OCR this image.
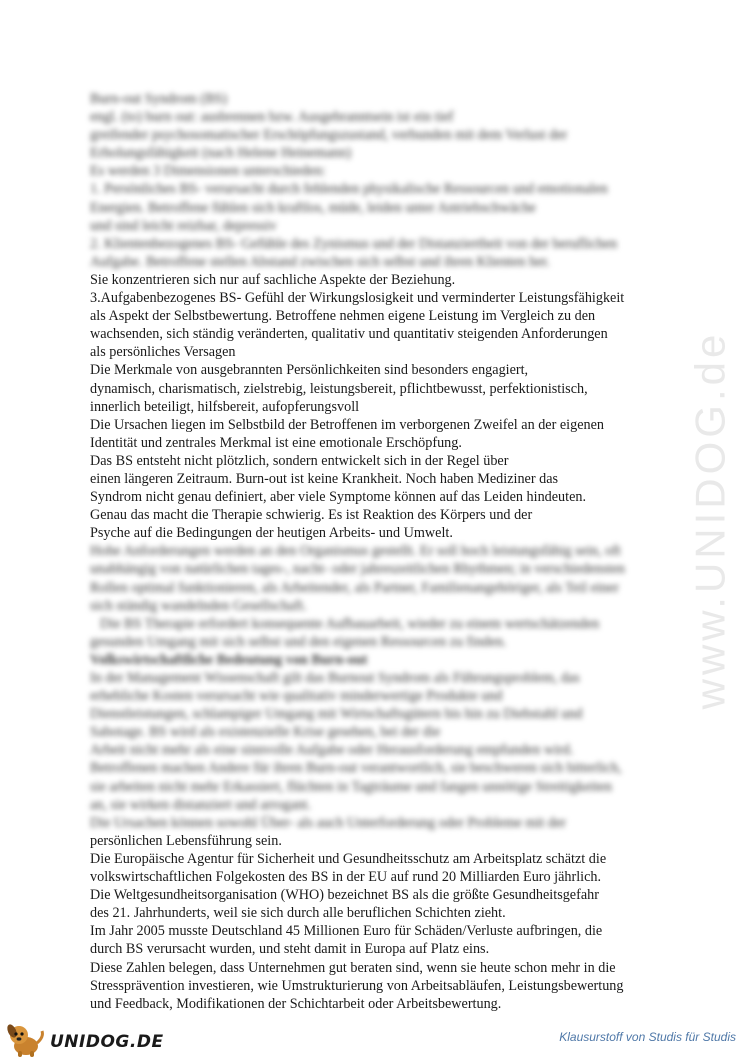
www.UNIDOG.de
Burn-out Syndrom (BS)
engl. (to) burn out: ausbrennen bzw. Ausgebranntsein ist ein tief
greifender psychosomatischer Erschöpfungszustand, verbunden mit dem Verlust der
Erholungsfähigkeit (nach Helene Heinemann)
Es werden 3 Dimensionen unterschieden:
1. Persönliches BS- verursacht durch fehlenden physikalische Ressourcen und emotionalen
Energien. Betroffene fühlen sich kraftlos, müde, leiden unter Antriebschwäche
und sind leicht reizbar, depressiv
2. Klientenbezogenes BS- Gefühle des Zynismus und der Distanziertheit von der beruflichen
Aufgabe. Betroffene stellen Abstand zwischen sich selbst und ihren Klienten her.
Sie konzentrieren sich nur auf sachliche Aspekte der Beziehung.
3.Aufgabenbezogenes BS- Gefühl der Wirkungslosigkeit und verminderter Leistungsfähigkeit
als Aspekt der Selbstbewertung. Betroffene nehmen eigene Leistung im Vergleich zu den
wachsenden, sich ständig veränderten, qualitativ und quantitativ steigenden Anforderungen
als persönliches Versagen
Die Merkmale von ausgebrannten Persönlichkeiten sind besonders engagiert,
dynamisch, charismatisch, zielstrebig, leistungsbereit, pflichtbewusst, perfektionistisch,
innerlich beteiligt, hilfsbereit, aufopferungsvoll
Die Ursachen liegen im Selbstbild der Betroffenen im verborgenen Zweifel an der eigenen
Identität und zentrales Merkmal ist eine emotionale Erschöpfung.
Das BS entsteht nicht plötzlich, sondern entwickelt sich in der Regel über
einen längeren Zeitraum. Burn-out ist keine Krankheit. Noch haben Mediziner das
Syndrom nicht genau definiert, aber viele Symptome können auf das Leiden hindeuten.
Genau das macht die Therapie schwierig. Es ist Reaktion des Körpers und der
Psyche auf die Bedingungen der heutigen Arbeits- und Umwelt.
Hohe Anforderungen werden an den Organismus gestellt. Er soll hoch leistungsfähig sein, oft
unabhängig von natürlichen tages-, nacht- oder jahreszeitlichen Rhythmen; in verschiedensten
Rollen optimal funktionieren, als Arbeitender, als Partner, Familienangehöriger, als Teil einer
sich ständig wandelnden Gesellschaft.
Die BS Therapie erfordert konsequente Aufbauarbeit, wieder zu einem wertschätzenden
gesunden Umgang mit sich selbst und den eigenen Ressourcen zu finden.
Volkswirtschaftliche Bedeutung von Burn-out
In der Management Wissenschaft gilt das Burnout Syndrom als Führungsproblem, das
erhebliche Kosten verursacht wie qualitativ minderwertige Produkte und
Dienstleistungen, schlampiger Umgang mit Wirtschaftsgütern bis hin zu Diebstahl und
Sabotage. BS wird als existenzielle Krise gesehen, bei der die
Arbeit nicht mehr als eine sinnvolle Aufgabe oder Herausforderung empfunden wird.
Betroffenen machen Andere für ihren Burn-out verantwortlich, sie beschweren sich bitterlich,
sie arbeiten nicht mehr Erkassiert, flüchten in Tagträume und fangen unnötige Streitigkeiten
an, sie wirken distanziert und arrogant.
Die Ursachen können sowohl Über- als auch Unterforderung oder Probleme mit der
persönlichen Lebensführung sein.
Die Europäische Agentur für Sicherheit und Gesundheitsschutz am Arbeitsplatz schätzt die
volkswirtschaftlichen Folgekosten des BS in der EU auf rund 20 Milliarden Euro jährlich.
Die Weltgesundheitsorganisation (WHO) bezeichnet BS als die größte Gesundheitsgefahr
des 21. Jahrhunderts, weil sie sich durch alle beruflichen Schichten zieht.
Im Jahr 2005 musste Deutschland 45 Millionen Euro für Schäden/Verluste aufbringen, die
durch BS verursacht wurden, und steht damit in Europa auf Platz eins.
Diese Zahlen belegen, dass Unternehmen gut beraten sind, wenn sie heute schon mehr in die
Stressprävention investieren, wie Umstrukturierung von Arbeitsabläufen, Leistungsbewertung
und Feedback, Modifikationen der Schichtarbeit oder Arbeitsbewertung.
UNIDOG.DE	Klausurstoff von Studis für Studis
